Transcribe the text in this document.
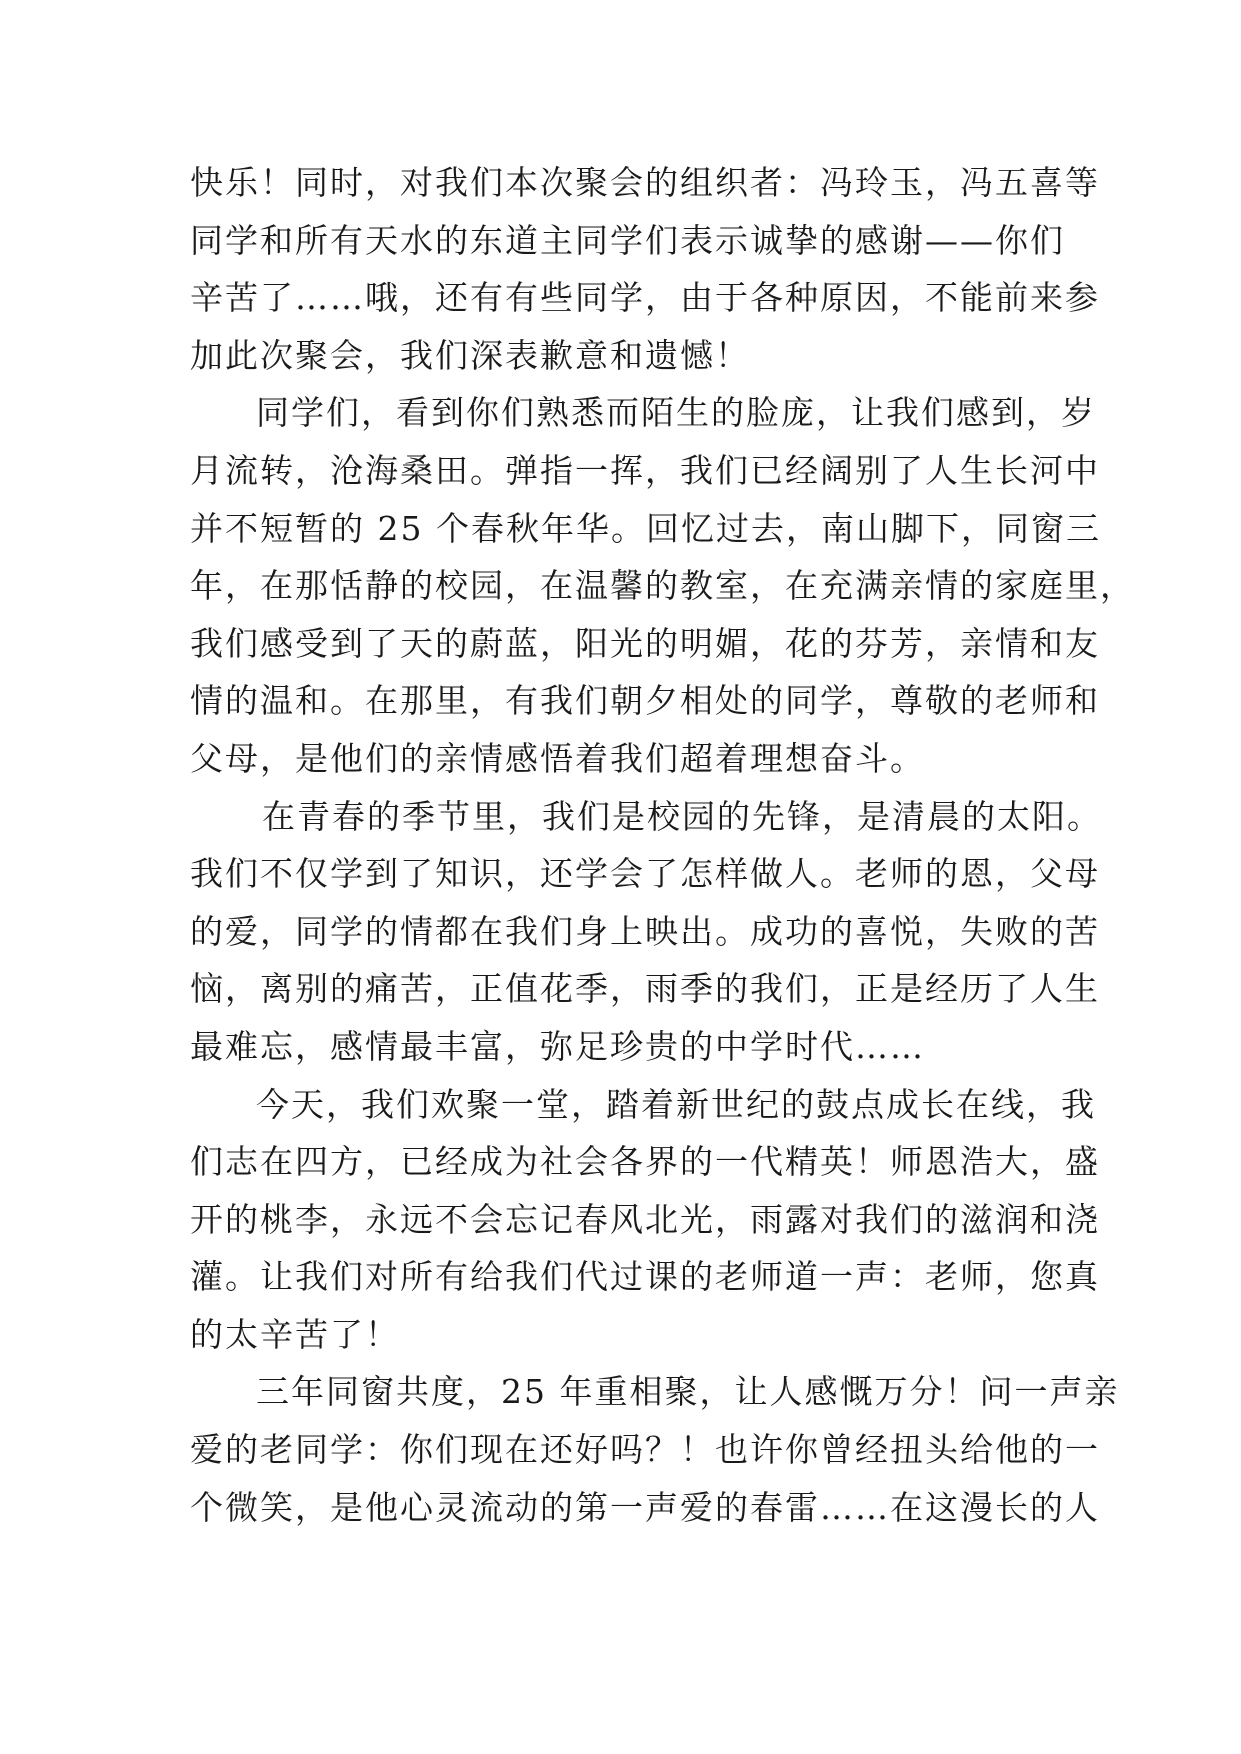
快乐！同时，对我们本次聚会的组织者：冯玲玉，冯五喜等
同学和所有天水的东道主同学们表示诚挚的感谢——你们
辛苦了……哦，还有有些同学，由于各种原因，不能前来参
加此次聚会，我们深表歉意和遗憾！
同学们，看到你们熟悉而陌生的脸庞，让我们感到，岁
月流转，沧海桑田。弹指一挥，我们已经阔别了人生长河中
并不短暂的 25 个春秋年华。回忆过去，南山脚下，同窗三
年，在那恬静的校园，在温馨的教室，在充满亲情的家庭里，
我们感受到了天的蔚蓝，阳光的明媚，花的芬芳，亲情和友
情的温和。在那里，有我们朝夕相处的同学，尊敬的老师和
父母，是他们的亲情感悟着我们超着理想奋斗。
在青春的季节里，我们是校园的先锋，是清晨的太阳。
我们不仅学到了知识，还学会了怎样做人。老师的恩，父母
的爱，同学的情都在我们身上映出。成功的喜悦，失败的苦
恼，离别的痛苦，正值花季，雨季的我们，正是经历了人生
最难忘，感情最丰富，弥足珍贵的中学时代……
今天，我们欢聚一堂，踏着新世纪的鼓点成长在线，我
们志在四方，已经成为社会各界的一代精英！师恩浩大，盛
开的桃李，永远不会忘记春风北光，雨露对我们的滋润和浇
灌。让我们对所有给我们代过课的老师道一声：老师，您真
的太辛苦了！
三年同窗共度，25 年重相聚，让人感慨万分！问一声亲
爱的老同学：你们现在还好吗？！也许你曾经扭头给他的一
个微笑，是他心灵流动的第一声爱的春雷……在这漫长的人
